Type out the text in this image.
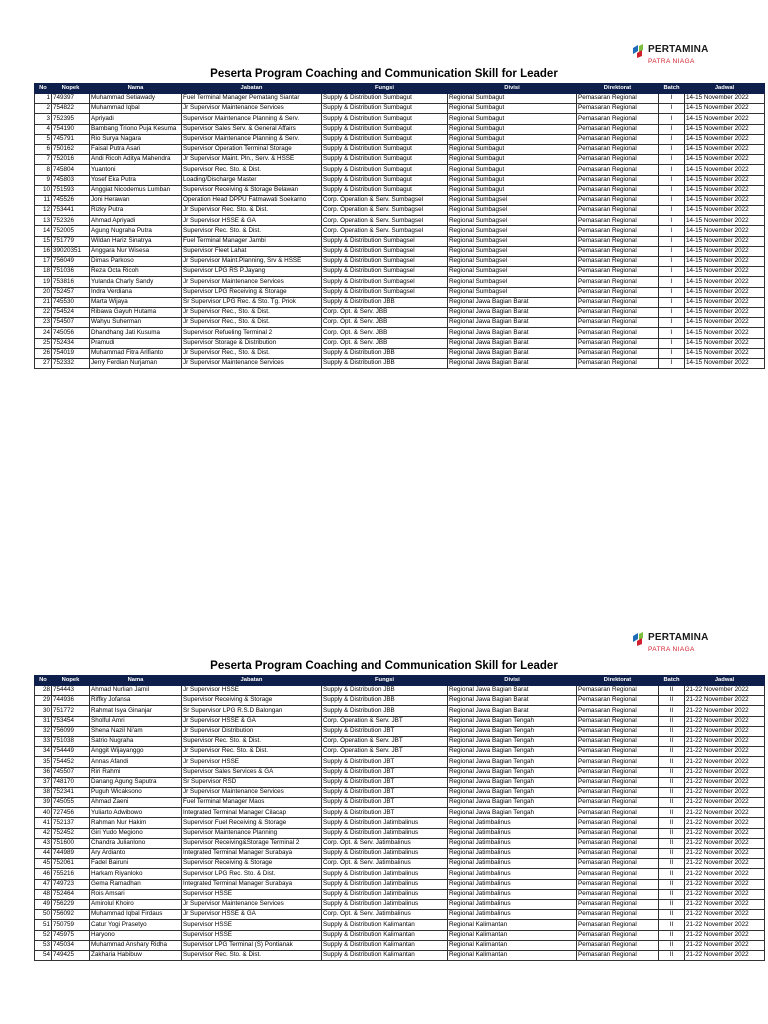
PERTAMINA
PATRA NIAGA
Peserta Program Coaching and Communication Skill for Leader
No	Nopek	Nama	Jabatan	Fungsi	Divisi	Direktorat	Batch	Jadwal
1	749397	Muhammad Setiawady	Fuel Terminal Manager Pematang Siantar	Supply & Distribution Sumbagut	Regional Sumbagut	Pemasaran Regional	I	14-15 November 2022
2	754822	Muhammad Iqbal	Jr Supervisor Maintenance Services	Supply & Distribution Sumbagut	Regional Sumbagut	Pemasaran Regional	I	14-15 November 2022
3	752395	Apriyadi	Supervisor Maintenance Planning & Serv.	Supply & Distribution Sumbagut	Regional Sumbagut	Pemasaran Regional	I	14-15 November 2022
4	754190	Bambang Triono Puja Kesuma	Supervisor Sales Serv. & General Affairs	Supply & Distribution Sumbagut	Regional Sumbagut	Pemasaran Regional	I	14-15 November 2022
5	745791	Rio Surya Nagara	Supervisor Maintenance Planning & Serv.	Supply & Distribution Sumbagut	Regional Sumbagut	Pemasaran Regional	I	14-15 November 2022
6	750162	Faisal Putra Asari	Supervisor Operation Terminal Storage	Supply & Distribution Sumbagut	Regional Sumbagut	Pemasaran Regional	I	14-15 November 2022
7	752016	Andi Ricoh Aditya Mahendra	Jr Supervisor Maint. Pln., Serv. & HSSE	Supply & Distribution Sumbagut	Regional Sumbagut	Pemasaran Regional	I	14-15 November 2022
8	745804	Yuantoni	Supervisor Rec. Sto. & Dist.	Supply & Distribution Sumbagut	Regional Sumbagut	Pemasaran Regional	I	14-15 November 2022
9	745803	Yosef Eka Putra	Loading/Discharge Master	Supply & Distribution Sumbagut	Regional Sumbagut	Pemasaran Regional	I	14-15 November 2022
10	751593	Anggiat Nicodemus Lumban	Supervisor Receiving & Storage Belawan	Supply & Distribution Sumbagut	Regional Sumbagut	Pemasaran Regional	I	14-15 November 2022
11	745526	Joni Herawan	Operation Head DPPU Fatmawati Soekarno	Corp. Operation & Serv. Sumbagsel	Regional Sumbagsel	Pemasaran Regional	I	14-15 November 2022
12	753441	Rizky Putra	Jr Supervisor Rec. Sto. & Dist.	Corp. Operation & Serv. Sumbagsel	Regional Sumbagsel	Pemasaran Regional	I	14-15 November 2022
13	752326	Ahmad Apriyadi	Jr Supervisor HSSE & GA	Corp. Operation & Serv. Sumbagsel	Regional Sumbagsel	Pemasaran Regional	I	14-15 November 2022
14	752005	Agung Nugraha Putra	Supervisor Rec. Sto. & Dist.	Corp. Operation & Serv. Sumbagsel	Regional Sumbagsel	Pemasaran Regional	I	14-15 November 2022
15	751779	Wildan Hariz Sinatrya	Fuel Terminal Manager Jambi	Supply & Distribution Sumbagsel	Regional Sumbagsel	Pemasaran Regional	I	14-15 November 2022
16	39020351	Anggara Nur Wisesa	Supervisor Fleet Lahat	Supply & Distribution Sumbagsel	Regional Sumbagsel	Pemasaran Regional	I	14-15 November 2022
17	756049	Dimas Parkoso	Jr Supervisor Maint.Planning, Srv & HSSE	Supply & Distribution Sumbagsel	Regional Sumbagsel	Pemasaran Regional	I	14-15 November 2022
18	751036	Reza Octa Ricoh	Supervisor LPG RS P.Jayang	Supply & Distribution Sumbagsel	Regional Sumbagsel	Pemasaran Regional	I	14-15 November 2022
19	753816	Yulanda Charly Sandy	Jr Supervisor Maintenance Services	Supply & Distribution Sumbagsel	Regional Sumbagsel	Pemasaran Regional	I	14-15 November 2022
20	752457	Indra Verdiana	Supervisor LPG Receiving & Storage	Supply & Distribution Sumbagsel	Regional Sumbagsel	Pemasaran Regional	I	14-15 November 2022
21	745530	Marta Wijaya	Sr Supervisor LPG Rec. & Sto. Tg. Priok	Supply & Distribution JBB	Regional Jawa Bagian Barat	Pemasaran Regional	I	14-15 November 2022
22	754524	Ribawa Gayuh Hutama	Jr Supervisor Rec., Sto. & Dist.	Corp. Opt. & Serv. JBB	Regional Jawa Bagian Barat	Pemasaran Regional	I	14-15 November 2022
23	754507	Wahyu Suherman	Jr Supervisor Rec., Sto. & Dist.	Corp. Opt. & Serv. JBB	Regional Jawa Bagian Barat	Pemasaran Regional	I	14-15 November 2022
24	745056	Dhandhang Jati Kusuma	Supervisor Refueling Terminal 2	Corp. Opt. & Serv. JBB	Regional Jawa Bagian Barat	Pemasaran Regional	I	14-15 November 2022
25	752434	Pramudi	Supervisor Storage & Distribution	Corp. Opt. & Serv. JBB	Regional Jawa Bagian Barat	Pemasaran Regional	I	14-15 November 2022
26	754019	Muhammad Fitra Arifianto	Jr Supervisor Rec., Sto. & Dist.	Supply & Distribution JBB	Regional Jawa Bagian Barat	Pemasaran Regional	I	14-15 November 2022
27	752332	Jerry Ferdian Nurjaman	Jr Supervisor Maintenance Services	Supply & Distribution JBB	Regional Jawa Bagian Barat	Pemasaran Regional	I	14-15 November 2022
PERTAMINA
PATRA NIAGA
Peserta Program Coaching and Communication Skill for Leader
No	Nopek	Nama	Jabatan	Fungsi	Divisi	Direktorat	Batch	Jadwal
28	754443	Ahmad Nurlian Jamil	Jr Supervisor HSSE	Supply & Distribution JBB	Regional Jawa Bagian Barat	Pemasaran Regional	II	21-22 November 2022
29	744936	Riffky Jofansa	Supervisor Receiving & Storage	Supply & Distribution JBB	Regional Jawa Bagian Barat	Pemasaran Regional	II	21-22 November 2022
30	751772	Rahmat Isya Ginanjar	Sr Supervisor LPG R.S.D Balongan	Supply & Distribution JBB	Regional Jawa Bagian Barat	Pemasaran Regional	II	21-22 November 2022
31	753454	Sholful Amri	Jr Supervisor HSSE & GA	Corp. Operation & Serv. JBT	Regional Jawa Bagian Tengah	Pemasaran Regional	II	21-22 November 2022
32	756099	Shena Nazil Ni'am	Jr Supervisor Distribution	Supply & Distribution JBT	Regional Jawa Bagian Tengah	Pemasaran Regional	II	21-22 November 2022
33	751038	Satrio Nugraha	Supervisor Rec. Sto. & Dist.	Corp. Operation & Serv. JBT	Regional Jawa Bagian Tengah	Pemasaran Regional	II	21-22 November 2022
34	754449	Anggit Wijayanggo	Jr Supervisor Rec. Sto. & Dist.	Corp. Operation & Serv. JBT	Regional Jawa Bagian Tengah	Pemasaran Regional	II	21-22 November 2022
35	754452	Annas Afandi	Jr Supervisor HSSE	Supply & Distribution JBT	Regional Jawa Bagian Tengah	Pemasaran Regional	II	21-22 November 2022
36	745507	Riri Rahmi	Supervisor Sales Services & GA	Supply & Distribution JBT	Regional Jawa Bagian Tengah	Pemasaran Regional	II	21-22 November 2022
37	748170	Danang Agung Saputra	Sr Supervisor RSD	Supply & Distribution JBT	Regional Jawa Bagian Tengah	Pemasaran Regional	II	21-22 November 2022
38	752341	Puguh Wicaksono	Jr Supervisor Maintenance Services	Supply & Distribution JBT	Regional Jawa Bagian Tengah	Pemasaran Regional	II	21-22 November 2022
39	745055	Ahmad Zaeni	Fuel Terminal Manager Maos	Supply & Distribution JBT	Regional Jawa Bagian Tengah	Pemasaran Regional	II	21-22 November 2022
40	727456	Yuliarto Adwibowo	Integrated Terminal Manager Cilacap	Supply & Distribution JBT	Regional Jawa Bagian Tengah	Pemasaran Regional	II	21-22 November 2022
41	752137	Rahman Nur Hakim	Supervisor Fuel Receiving & Storage	Supply & Distribution Jatimbalinus	Regional Jatimbalinus	Pemasaran Regional	II	21-22 November 2022
42	752452	Giri Yudo Megiono	Supervisor Maintenance Planning	Supply & Distribution Jatimbalinus	Regional Jatimbalinus	Pemasaran Regional	II	21-22 November 2022
43	751600	Chandra Julianlono	Supervisor Receiving&Storage Terminal 2	Corp. Opt. & Serv. Jatimbalinus	Regional Jatimbalinus	Pemasaran Regional	II	21-22 November 2022
44	744989	Ary Ardianto	Integrated Terminal Manager Surabaya	Supply & Distribution Jatimbalinus	Regional Jatimbalinus	Pemasaran Regional	II	21-22 November 2022
45	752061	Fadel Bairuni	Supervisor Receiving & Storage	Corp. Opt. & Serv. Jatimbalinus	Regional Jatimbalinus	Pemasaran Regional	II	21-22 November 2022
46	755216	Harkam Riyanloko	Supervisor LPG Rec. Sto. & Dist.	Supply & Distribution Jatimbalinus	Regional Jatimbalinus	Pemasaran Regional	II	21-22 November 2022
47	749723	Gema Ramadhan	Integrated Terminal Manager Surabaya	Supply & Distribution Jatimbalinus	Regional Jatimbalinus	Pemasaran Regional	II	21-22 November 2022
48	752464	Rois Amsari	Supervisor HSSE	Supply & Distribution Jatimbalinus	Regional Jatimbalinus	Pemasaran Regional	II	21-22 November 2022
49	756229	Amirolul Khoiro	Jr Supervisor Maintenance Services	Supply & Distribution Jatimbalinus	Regional Jatimbalinus	Pemasaran Regional	II	21-22 November 2022
50	756092	Muhammad Iqbal Firdaus	Jr Supervisor HSSE & GA	Corp. Opt. & Serv. Jatimbalinus	Regional Jatimbalinus	Pemasaran Regional	II	21-22 November 2022
51	750759	Catur Yogi Prasetyo	Supervisor HSSE	Supply & Distribution Kalimantan	Regional Kalimantan	Pemasaran Regional	II	21-22 November 2022
52	745975	Haryono	Supervisor HSSE	Supply & Distribution Kalimantan	Regional Kalimantan	Pemasaran Regional	II	21-22 November 2022
53	745034	Muhammad Anshary Ridha	Supervisor LPG Terminal (S) Pontianak	Supply & Distribution Kalimantan	Regional Kalimantan	Pemasaran Regional	II	21-22 November 2022
54	749425	Zakharia Habibuw	Supervisor Rec. Sto. & Dist.	Supply & Distribution Kalimantan	Regional Kalimantan	Pemasaran Regional	II	21-22 November 2022
